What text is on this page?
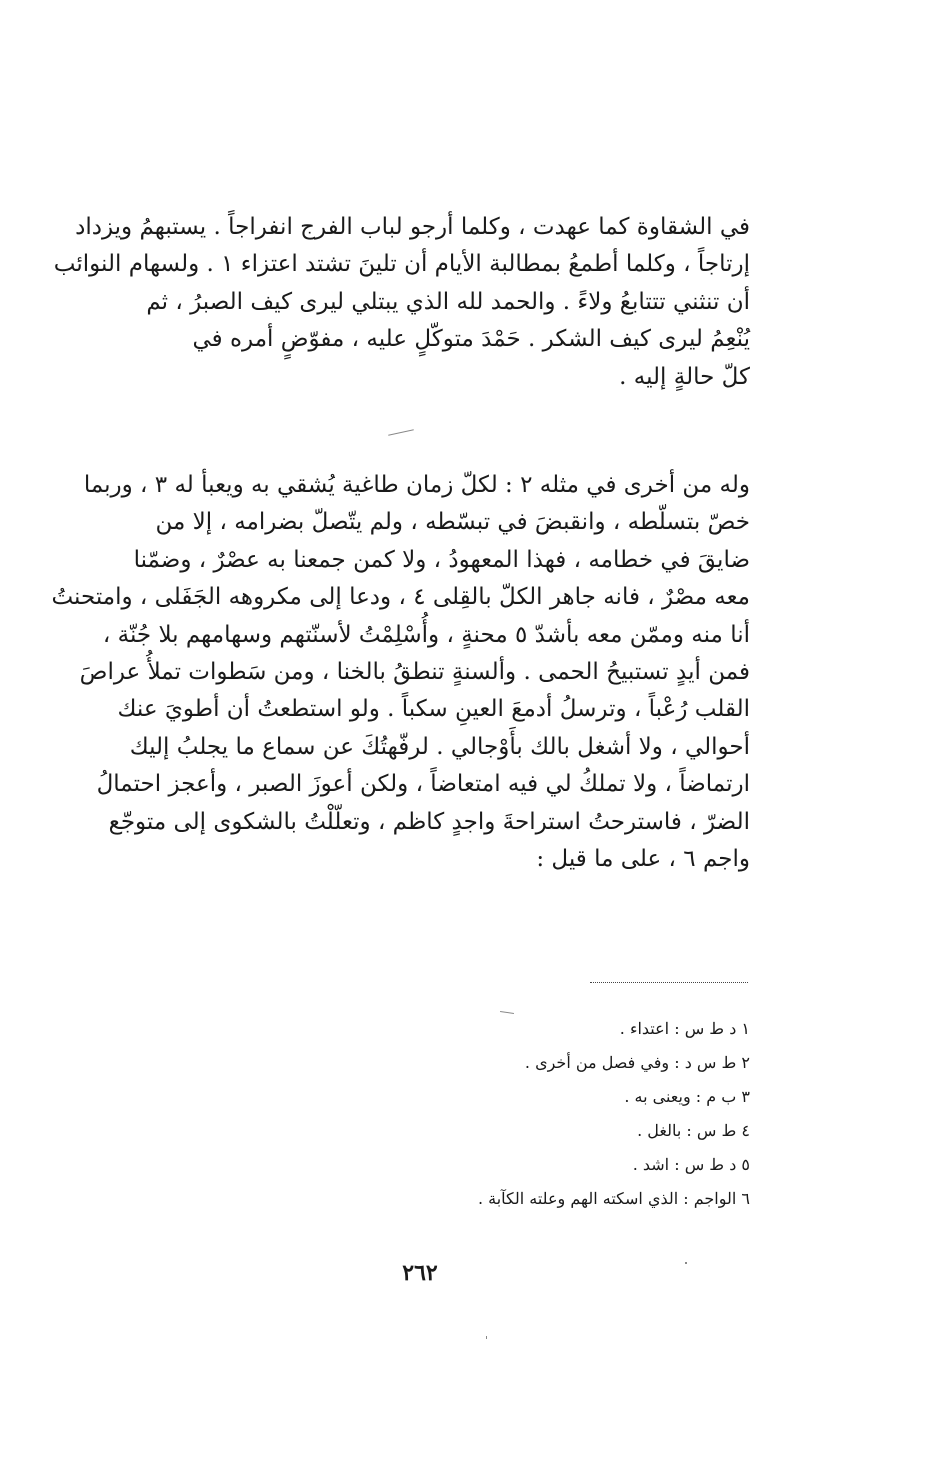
في الشقاوة كما عهدت ، وكلما أرجو لباب الفرج انفراجاً . يستبهمُ ويزداد
إرتاجاً ، وكلما أطمعُ بمطالبة الأيام أن تلينَ تشتد اعتزاء ١ . ولسهام النوائب
أن تنثني تتتابعُ ولاءً . والحمد لله الذي يبتلي ليرى كيف الصبرُ ، ثم
يُنْعِمُ ليرى كيف الشكر . حَمْدَ متوكّلٍ عليه ، مفوّضٍ أمره في
كلّ حالةٍ إليه .
وله من أخرى في مثله ٢ : لكلّ زمان طاغية يُشقي به ويعبأ له ٣ ، وربما
خصّ بتسلّطه ، وانقبضَ في تبسّطه ، ولم يتّصلّ بضرامه ، إلا من
ضايقَ في خطامه ، فهذا المعهودُ ، ولا كمن جمعنا به عصْرٌ ، وضمّنا
معه مصْرٌ ، فانه جاهر الكلّ بالقِلى ٤ ، ودعا إلى مكروهه الجَفَلى ، وامتحنتُ
أنا منه وممّن معه بأشدّ ٥ محنةٍ ، وأُسْلِمْتُ لأسنّتهم وسهامهم بلا جُنّة ،
فمن أيدٍ تستبيحُ الحمى . وألسنةٍ تنطقُ بالخنا ، ومن سَطوات تملأُ عراصَ
القلب رُعْباً ، وترسلُ أدمعَ العينِ سكباً . ولو استطعتُ أن أطويَ عنك
أحوالي ، ولا أشغل بالك بأَوْجالي . لرفّهتُكَ عن سماع ما يجلبُ إليك
ارتماضاً ، ولا تملكُ لي فيه امتعاضاً ، ولكن أعوزَ الصبر ، وأعجز احتمالُ
الضرّ ، فاسترحتُ استراحةَ واجدٍ كاظم ، وتعلّلْتُ بالشكوى إلى متوجّع
واجم ٦ ، على ما قيل :
١ د ط س : اعتداء .
٢ ط س د : وفي فصل من أخرى .
٣ ب م : ويعنى به .
٤ ط س : بالغل .
٥ د ط س : اشد .
٦ الواجم : الذي اسكته الهم وعلته الكآبة .
٢٦٢
